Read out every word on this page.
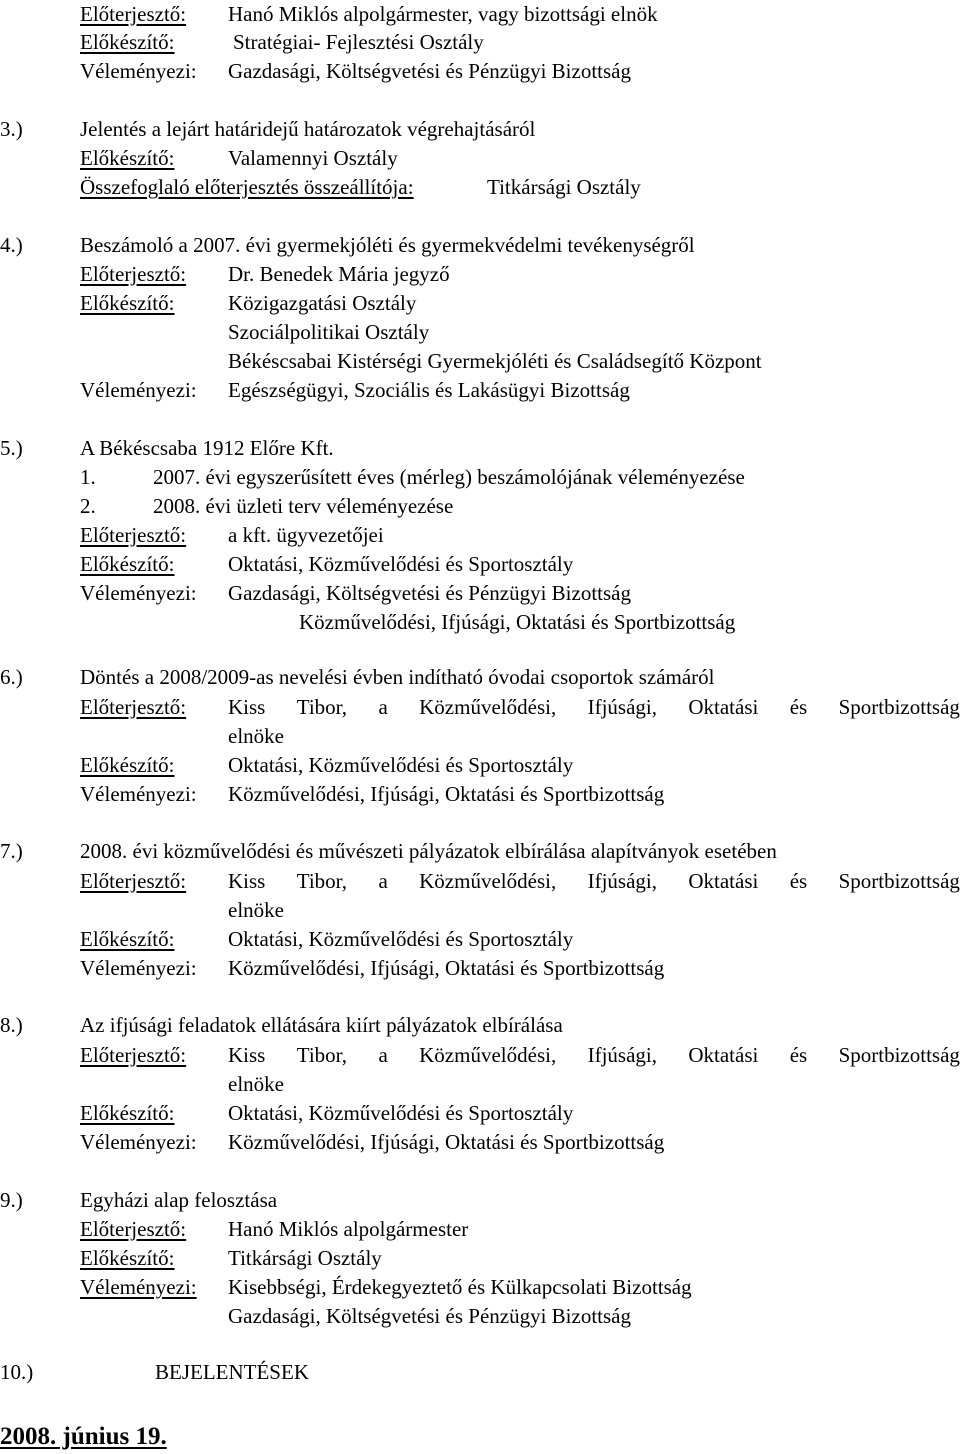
Előterjesztő: Hanó Miklós alpolgármester, vagy bizottsági elnök
Előkészítő:	Stratégiai- Fejlesztési Osztály
Véleményezi: Gazdasági, Költségvetési és Pénzügyi Bizottság
3.)	Jelentés a lejárt határidejű határozatok végrehajtásáról
Előkészítő:	Valamennyi Osztály
Összefoglaló előterjesztés összeállítója:	Titkársági Osztály
4.)	Beszámoló a 2007. évi gyermekjóléti és gyermekvédelmi tevékenységről
Előterjesztő: Dr. Benedek Mária jegyző
Előkészítő:	Közigazgatási Osztály
Szociálpolitikai Osztály
Békéscsabai Kistérségi Gyermekjóléti és Családsegítő Központ
Véleményezi: Egészségügyi, Szociális és Lakásügyi Bizottság
5.)	A Békéscsaba 1912 Előre Kft.
1.	2007. évi egyszerűsített éves (mérleg) beszámolójának véleményezése
2.	2008. évi üzleti terv véleményezése
Előterjesztő: a kft. ügyvezetőjei
Előkészítő:	Oktatási, Közművelődési és Sportosztály
Véleményezi: Gazdasági, Költségvetési és Pénzügyi Bizottság
Közművelődési, Ifjúsági, Oktatási és Sportbizottság
6.)	Döntés a 2008/2009-as nevelési évben indítható óvodai csoportok számáról
Előterjesztő: Kiss Tibor, a Közművelődési, Ifjúsági, Oktatási és Sportbizottság
elnöke
Előkészítő:	Oktatási, Közművelődési és Sportosztály
Véleményezi: Közművelődési, Ifjúsági, Oktatási és Sportbizottság
7.)	2008. évi közművelődési és művészeti pályázatok elbírálása alapítványok esetében
Előterjesztő: Kiss Tibor, a Közművelődési, Ifjúsági, Oktatási és Sportbizottság
elnöke
Előkészítő:	Oktatási, Közművelődési és Sportosztály
Véleményezi: Közművelődési, Ifjúsági, Oktatási és Sportbizottság
8.)	Az ifjúsági feladatok ellátására kiírt pályázatok elbírálása
Előterjesztő: Kiss Tibor, a Közművelődési, Ifjúsági, Oktatási és Sportbizottság
elnöke
Előkészítő:	Oktatási, Közművelődési és Sportosztály
Véleményezi: Közművelődési, Ifjúsági, Oktatási és Sportbizottság
9.)	Egyházi alap felosztása
Előterjesztő: Hanó Miklós alpolgármester
Előkészítő:	Titkársági Osztály
Véleményezi: Kisebbségi, Érdekegyeztető és Külkapcsolati Bizottság
Gazdasági, Költségvetési és Pénzügyi Bizottság
10.)	BEJELENTÉSEK
2008. június 19.
